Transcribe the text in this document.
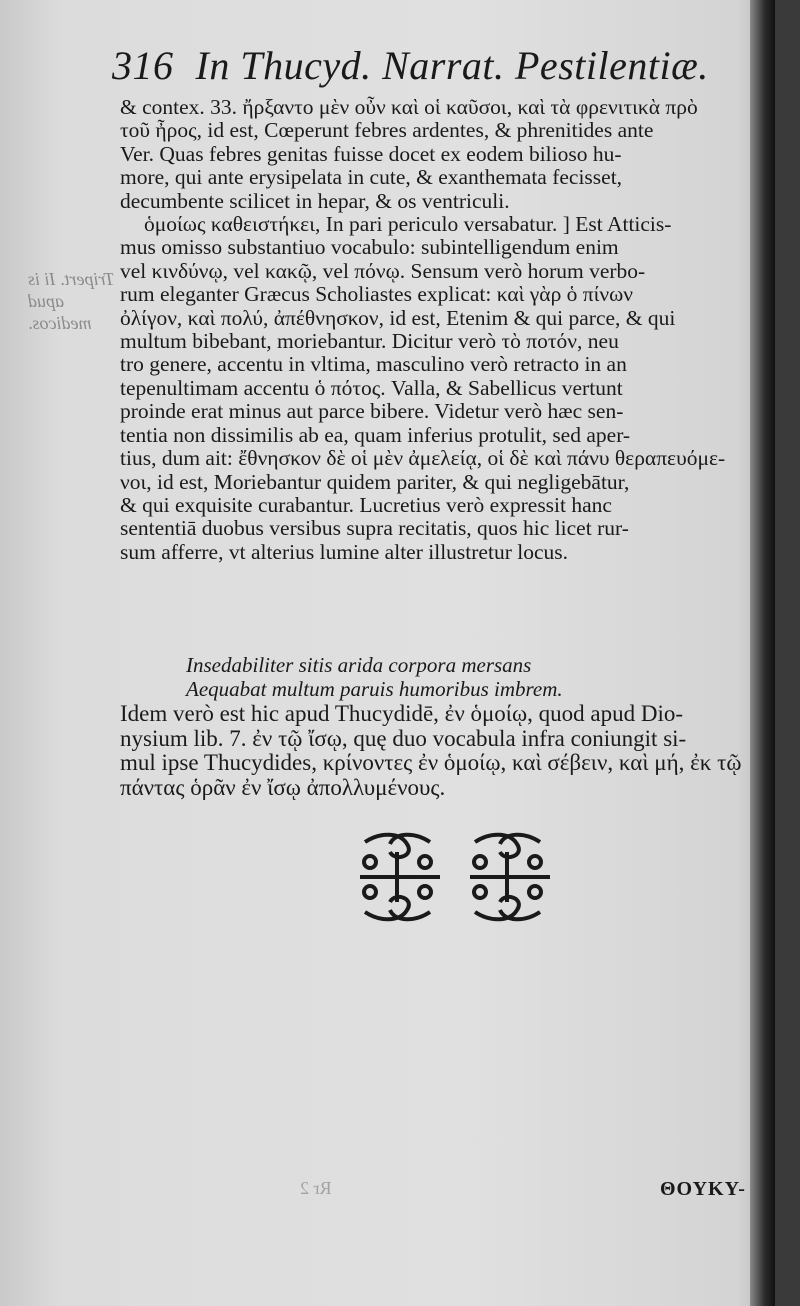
316 In Thucyd. Narrat. Pestilentiæ.
Tripert. Ii is apud medicos.

& contex. 33. ἤρξαντο μὲν οὖν καὶ οἱ καῦσοι, καὶ τὰ φρενιτικὰ πρὸ
τοῦ ἦρος, id est, Cœperunt febres ardentes, & phrenitides ante
Ver. Quas febres genitas fuisse docet ex eodem bilioso hu-
more, qui ante erysipelata in cute, & exanthemata fecisset,
decumbente scilicet in hepar, & os ventriculi.

ὁμοίως καθειστήκει, In pari periculo versabatur. ] Est Atticis-
mus omisso substantiuo vocabulo: subintelligendum enim
vel κινδύνῳ, vel κακῷ, vel πόνῳ. Sensum verò horum verbo-
rum eleganter Græcus Scholiastes explicat: καὶ γὰρ ὁ πίνων
ὀλίγον, καὶ πολύ, ἀπέθνησκον, id est, Etenim & qui parce, & qui
multum bibebant, moriebantur. Dicitur verò τὸ ποτόν, neu
tro genere, accentu in vltima, masculino verò retracto in an
tepenultimam accentu ὁ πότος. Valla, & Sabellicus vertunt
proinde erat minus aut parce bibere. Videtur verò hæc sen-
tentia non dissimilis ab ea, quam inferius protulit, sed aper-
tius, dum ait: ἔθνησκον δὲ οἱ μὲν ἀμελείᾳ, οἱ δὲ καὶ πάνυ θεραπευόμε-
νοι, id est, Moriebantur quidem pariter, & qui negligebātur,
& qui exquisite curabantur. Lucretius verò expressit hanc
sententiā duobus versibus supra recitatis, quos hic licet rur-
sum afferre, vt alterius lumine alter illustretur locus.

Insedabiliter sitis arida corpora mersans
Aequabat multum paruis humoribus imbrem.
Idem verò est hic apud Thucydidē, ἐν ὁμοίῳ, quod apud Dio-
nysium lib. 7. ἐν τῷ ἴσῳ, quę duo vocabula infra coniungit si-
mul ipse Thucydides, κρίνοντες ἐν ὁμοίῳ, καὶ σέβειν, καὶ μή, ἐκ τῷ
πάντας ὁρᾶν ἐν ἴσῳ ἀπολλυμένους.
Rr 2	ΘΟΥΚΥ-
